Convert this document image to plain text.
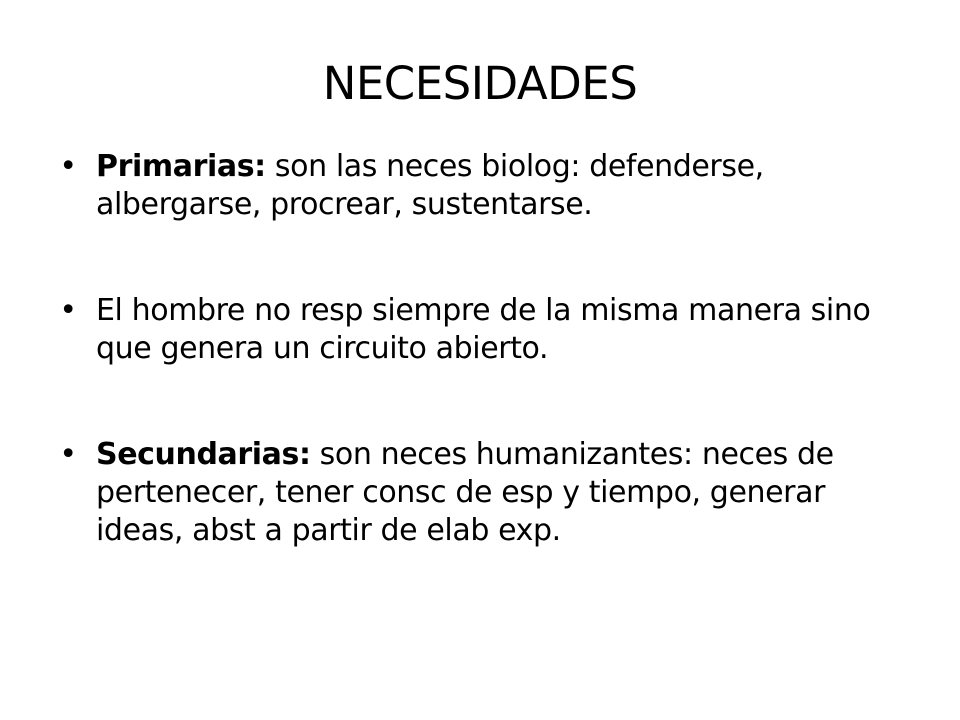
NECESIDADES
• Primarias: son las neces biolog: defenderse, albergarse, procrear, sustentarse.
• El hombre no resp siempre de la misma manera sino que genera un circuito abierto.
• Secundarias: son neces humanizantes: neces de pertenecer, tener consc de esp y tiempo, generar ideas, abst a partir de elab exp.
